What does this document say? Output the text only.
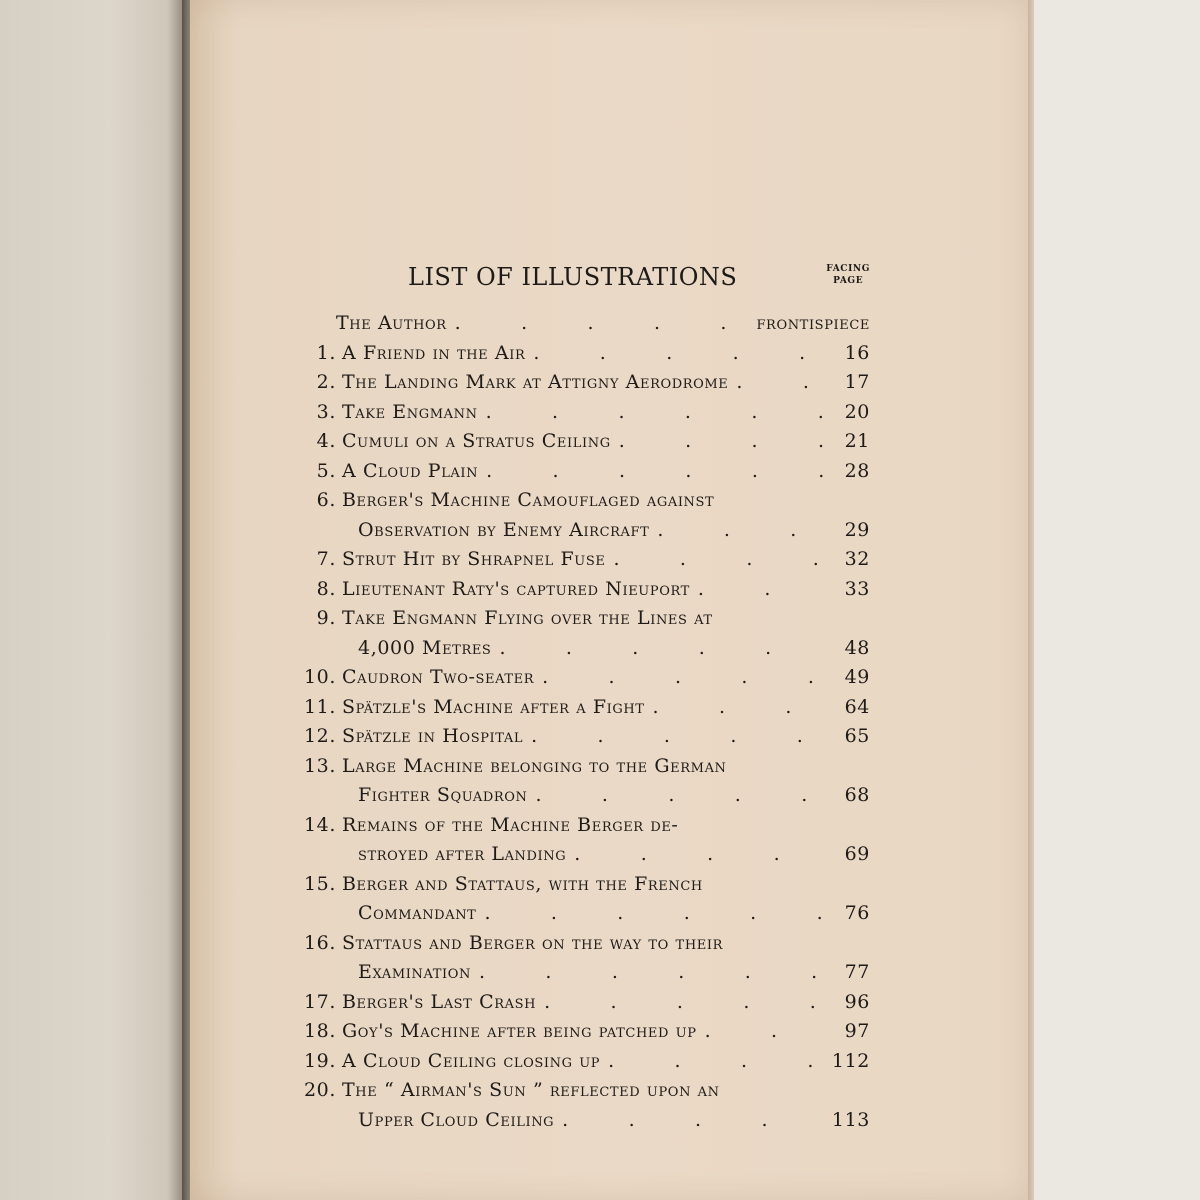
LIST OF ILLUSTRATIONS	FACING
PAGE
The Author .	frontispiece
1. A Friend in the Air .	16
2. The Landing Mark at Attigny Aerodrome .	17
3. Take Engmann .	20
4. Cumuli on a Stratus Ceiling .	21
5. A Cloud Plain .	28
6. Berger's Machine Camouflaged against
Observation by Enemy Aircraft .	29
7. Strut Hit by Shrapnel Fuse .	32
8. Lieutenant Raty's captured Nieuport .	33
9. Take Engmann Flying over the Lines at
4,000 Metres .	48
10. Caudron Two-seater .	49
11. Spätzle's Machine after a Fight .	64
12. Spätzle in Hospital .	65
13. Large Machine belonging to the German
Fighter Squadron .	68
14. Remains of the Machine Berger de-
stroyed after Landing .	69
15. Berger and Stattaus, with the French
Commandant .	76
16. Stattaus and Berger on the way to their
Examination .	77
17. Berger's Last Crash .	96
18. Goy's Machine after being patched up .	97
19. A Cloud Ceiling closing up .	112
20. The “ Airman's Sun ” reflected upon an
Upper Cloud Ceiling .	113
